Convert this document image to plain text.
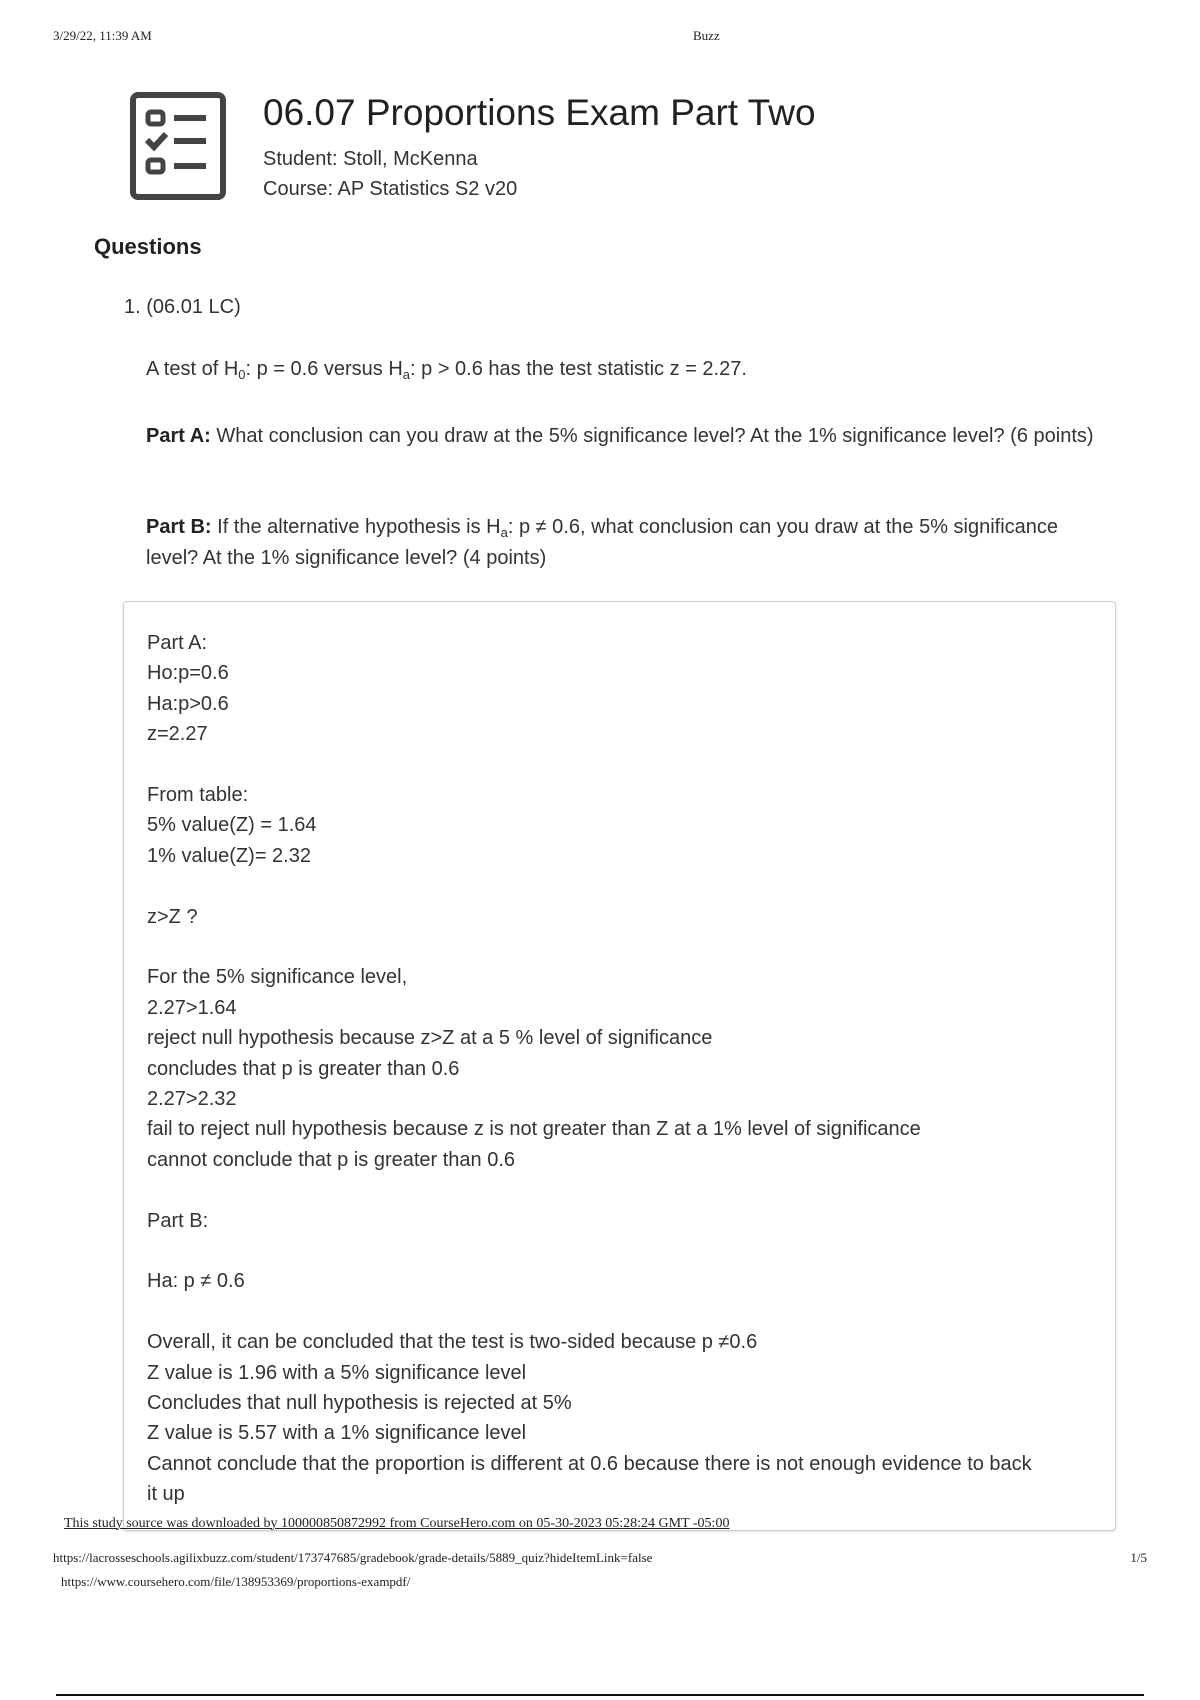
3/29/22, 11:39 AM	Buzz
06.07 Proportions Exam Part Two
Student: Stoll, McKenna
Course: AP Statistics S2 v20
Questions
1. (06.01 LC)
A test of $H_0$: p = 0.6 versus $H_a$: p > 0.6 has the test statistic z = 2.27.
Part A: What conclusion can you draw at the 5% significance level? At the 1% significance level? (6 points)
Part B: If the alternative hypothesis is $H_a$: p ≠ 0.6, what conclusion can you draw at the 5% significance level? At the 1% significance level? (4 points)
Part A:
Ho:p=0.6
Ha:p>0.6
z=2.27
From table:
5% value(Z) = 1.64
1% value(Z)= 2.32
z>Z ?
For the 5% significance level,
2.27>1.64
reject null hypothesis because z>Z at a 5 % level of significance
concludes that p is greater than 0.6
2.27>2.32
fail to reject null hypothesis because z is not greater than Z at a 1% level of significance
cannot conclude that p is greater than 0.6
Part B:
Ha: p ≠ 0.6
Overall, it can be concluded that the test is two-sided because p ≠0.6
Z value is 1.96 with a 5% significance level
Concludes that null hypothesis is rejected at 5%
Z value is 5.57 with a 1% significance level
Cannot conclude that the proportion is different at 0.6 because there is not enough evidence to back
it up
This study source was downloaded by 100000850872992 from CourseHero.com on 05-30-2023 05:28:24 GMT -05:00
https://lacrosseschools.agilixbuzz.com/student/173747685/gradebook/grade-details/5889_quiz?hideItemLink=false	1/5
https://www.coursehero.com/file/138953369/proportions-exampdf/
